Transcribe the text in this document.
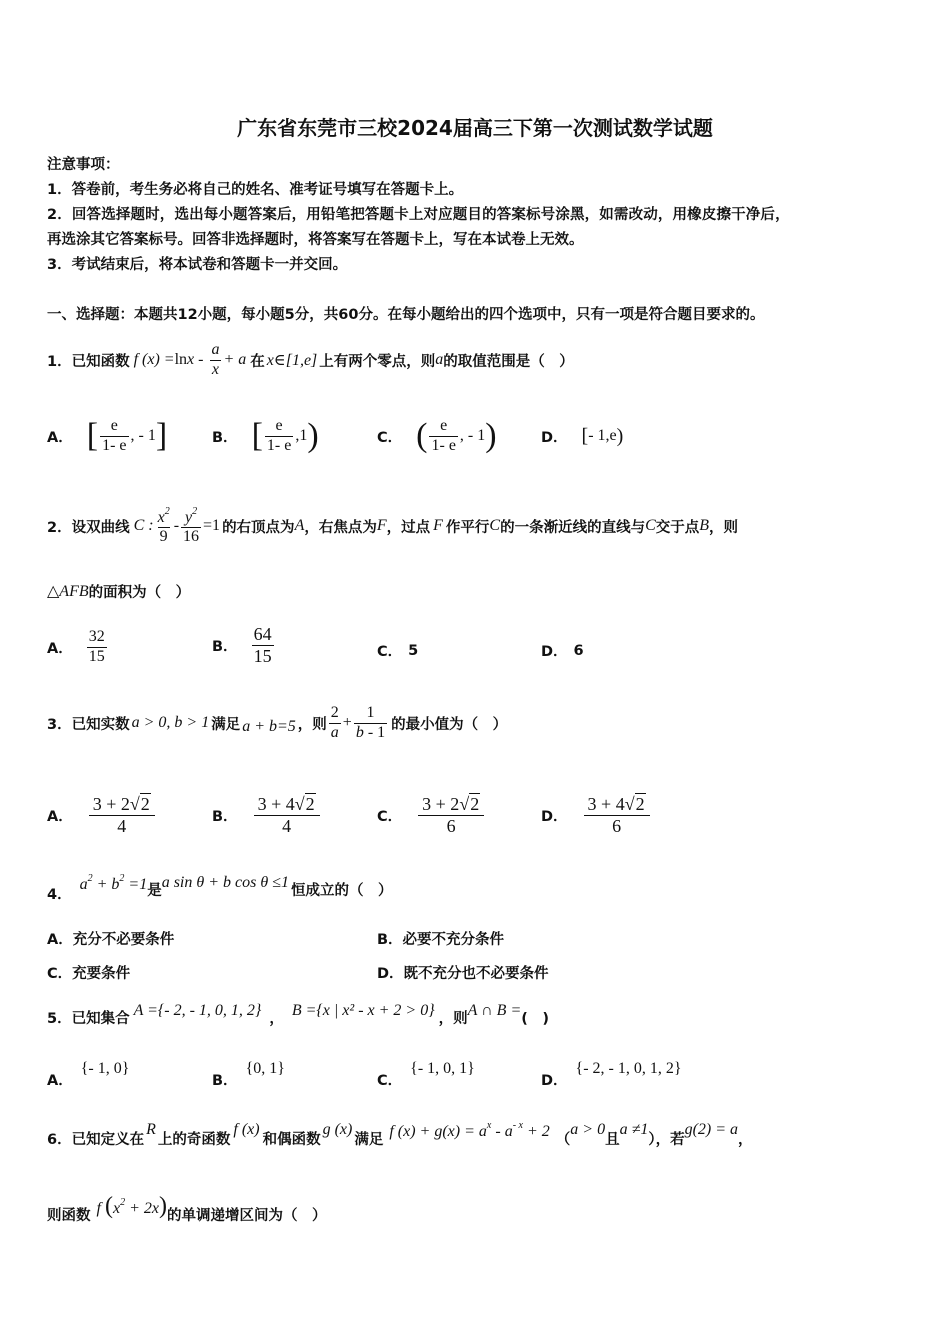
广东省东莞市三校2024届高三下第一次测试数学试题
注意事项：
1．答卷前，考生务必将自己的姓名、准考证号填写在答题卡上。
2．回答选择题时，选出每小题答案后，用铅笔把答题卡上对应题目的答案标号涂黑，如需改动，用橡皮擦干净后，
再选涂其它答案标号。回答非选择题时，将答案写在答题卡上，写在本试卷上无效。
3．考试结束后，将本试卷和答题卡一并交回。
一、选择题：本题共12小题，每小题5分，共60分。在每小题给出的四个选项中，只有一项是符合题目要求的。
1．已知函数 f $(x) =\ln x - \frac{a}{x} + a$ 在 x∈[1,e] 上有两个零点，则 a 的取值范围是（　）
A． [ $\frac{e}{1- e}$ , - 1 ]	B． [ $\frac{e}{1- e} ,1$ )	C． ( $\frac{e}{1- e}$ , - 1 )	D． [ - 1,e )
2．设双曲线 C : $\frac{x^2}{9} - \frac{y^2}{16} =1$ 的右顶点为 A ，右焦点为 F ，过点 F 作平行 C 的一条渐近线的直线与 C 交于点 B ，则
△AFB 的面积为（　）
A． $\frac{32}{15}$	B． $\frac{64}{15}$	C． 5	D． 6
3．已知实数 a > 0, b > 1 满足 a + b=5 ，则 $\frac{2}{a} + \frac{1}{b - 1}$ 的最小值为（　）
A． $\frac{3 + 2√2}{4}$	B． $\frac{3 + 4√2}{4}$	C． $\frac{3 + 2√2}{6}$	D． $\frac{3 + 4√2}{6}$
4．
$a^2 + b^2 =1$ 是 a sin θ + b cos θ ≤1 恒成立的（　）
A．充分不必要条件	B．必要不充分条件
C．充要条件	D．既不充分也不必要条件
5．已知集合 A ={- 2, - 1, 0, 1, 2} ， B ={x | x² - x + 2 > 0} ，则 A ∩ B = (　)
A．
{- 1, 0}
B．
{0, 1}
C．
{- 1, 0, 1}
D．
{- 2, - 1, 0, 1, 2}
6．已知定义在
R
上的奇函数
f (x)
和偶函数
g (x)
满足 f $(x) + g(x) = a^x - a^{- x} + 2$ （
a > 0
且
a ≠1
），若
g(2) = a
，
则函数 f $(x^2 + 2x)$ 的单调递增区间为（　）
